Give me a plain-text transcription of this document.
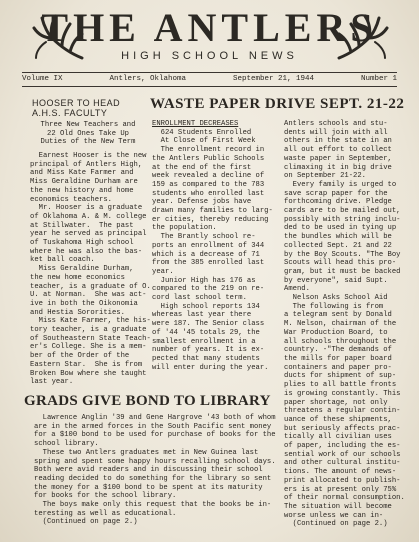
THE ANTLERS
HIGH SCHOOL NEWS
Volume IX	Antlers, Oklahoma	September 21, 1944	Number 1
HOOSER TO HEAD
A.H.S. FACULTY

Three New Teachers and

22 Old Ones Take Up

Duties of the New Term

Earnest Hooser is the new

principal of Antlers High,

and Miss Kate Farmer and

Miss Geraldine Durham are

the new history and home

economics teachers.

Mr. Hooser is a graduate

of Oklahoma A. & M. college

at Stillwater.  The past

year he served as principal

of Tuskahoma High school

where he was also the bas-

ket ball coach.

Miss Geraldine Durham,

the new home economics

teacher, is a graduate of O.

U. at Norman.  She was act-

ive in both the Oikonomia

and Hestia Sororities.

Miss Kate Farmer, the his-

tory teacher, is a graduate

of Southeastern State Teach-

er's College. She is a mem-

ber of the Order of the

Eastern Star.  She is from

Broken Bow where she taught

last year.

WASTE PAPER DRIVE SEPT. 21-22

ENROLLMENT DECREASES

624 Students Enrolled

At Close of First Week

The enrollment record in

the Antlers Public Schools

at the end of the first

week revealed a decline of

159 as compared to the 783

students who enrolled last

year. Defense jobs have

drawn many families to larg-

er cities, thereby reducing

the population.

The Brantly school re-

ports an enrollment of 344

which is a decrease of 71

from the 385 enrolled last

year.

Junior High has 176 as

compared to the 219 on re-

cord last school term.

High school reports 134

whereas last year there

were 187. The Senior class

of '44 '45 totals 29, the

smallest enrollment in a

number of years. It is ex-

pected that many students

will enter during the year.

Antlers schools and stu-

dents will join with all

others in the state in an

all out effort to collect

waste paper in September,

climaxing it in big drive

on September 21-22.

Every family is urged to

save scrap paper for the

forthcoming drive. Pledge

cards are to be mailed out,

possibly with string inclu-

ded to be used in tying up

the bundles which will be

collected Sept. 21 and 22

by the Boy Scouts. "The Boy

Scouts will head this pro-

gram, but it must be backed

by everyone", said Supt.

Amend.

Nelson Asks School Aid

The following is from

a telegram sent by Donald

M. Nelson, chairman of the

War Production Board, to

all schools throughout the

country. -"The demands of

the mills for paper board

containers and paper pro-

ducts for shipment of sup-

plies to all battle fronts

is growing constantly. This

paper shortage, not only

threatens a regular contin-

uance of these shipments,

but seriously affects prac-

tically all civilian uses

of paper, including the es-

sential work of our schools

and other cultural institu-

tions. The amount of news-

print allocated to publish-

ers is at present only 75%

of their normal consumption.

The situation will become

worse unless we can in-

(Continued on page 2.)

GRADS GIVE BOND TO LIBRARY

Lawrence Anglin '39 and Gene Hargrove '43 both of whom

are in the armed forces in the South Pacific sent money

for a $100 bond to be used for purchase of books for the

school library.

These two Antlers graduates met in New Guinea last

spring and spent some happy hours recalling school days.

Both were avid readers and in discussing their school

reading decided to do something for the library so sent

the money for a $100 bond to be spent at its maturity

for books for the school library.

The boys make only this request that the books be in-

teresting as well as educational.

(Continued on page 2.)
